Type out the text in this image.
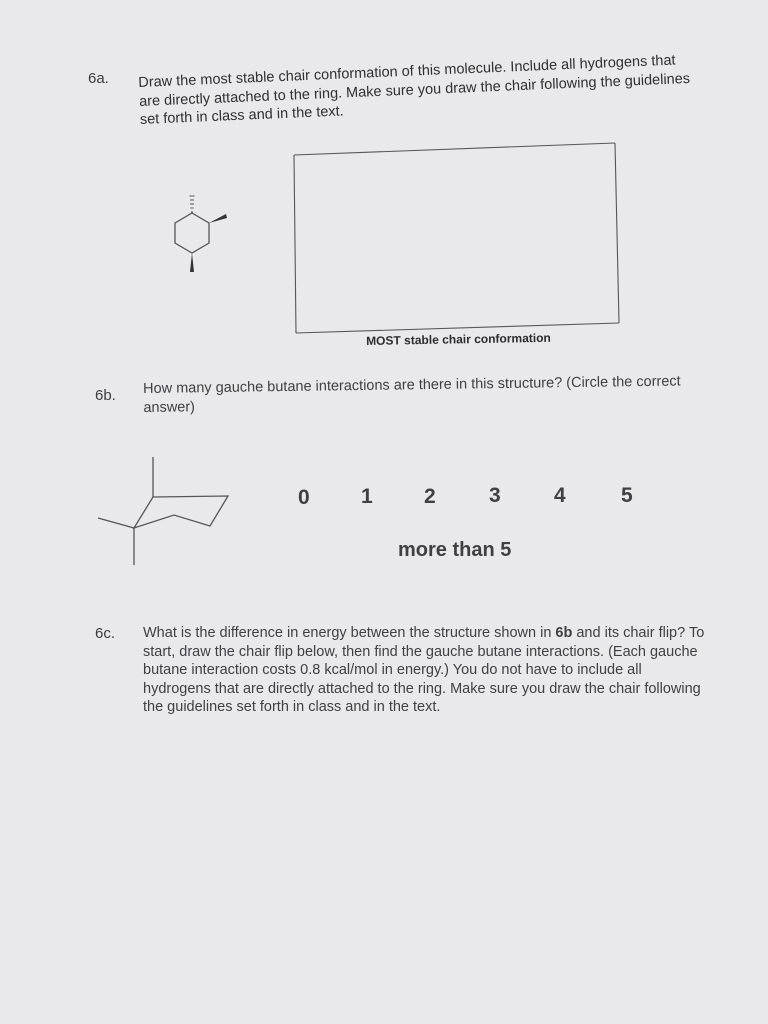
6a. Draw the most stable chair conformation of this molecule. Include all hydrogens that are directly attached to the ring. Make sure you draw the chair following the guidelines set forth in class and in the text.
MOST stable chair conformation
6b. How many gauche butane interactions are there in this structure? (Circle the correct answer)
0 1 2	3	4	5
more than 5
6c. What is the difference in energy between the structure shown in 6b and its chair flip? To start, draw the chair flip below, then find the gauche butane interactions. (Each gauche butane interaction costs 0.8 kcal/mol in energy.) You do not have to include all hydrogens that are directly attached to the ring. Make sure you draw the chair following the guidelines set forth in class and in the text.
